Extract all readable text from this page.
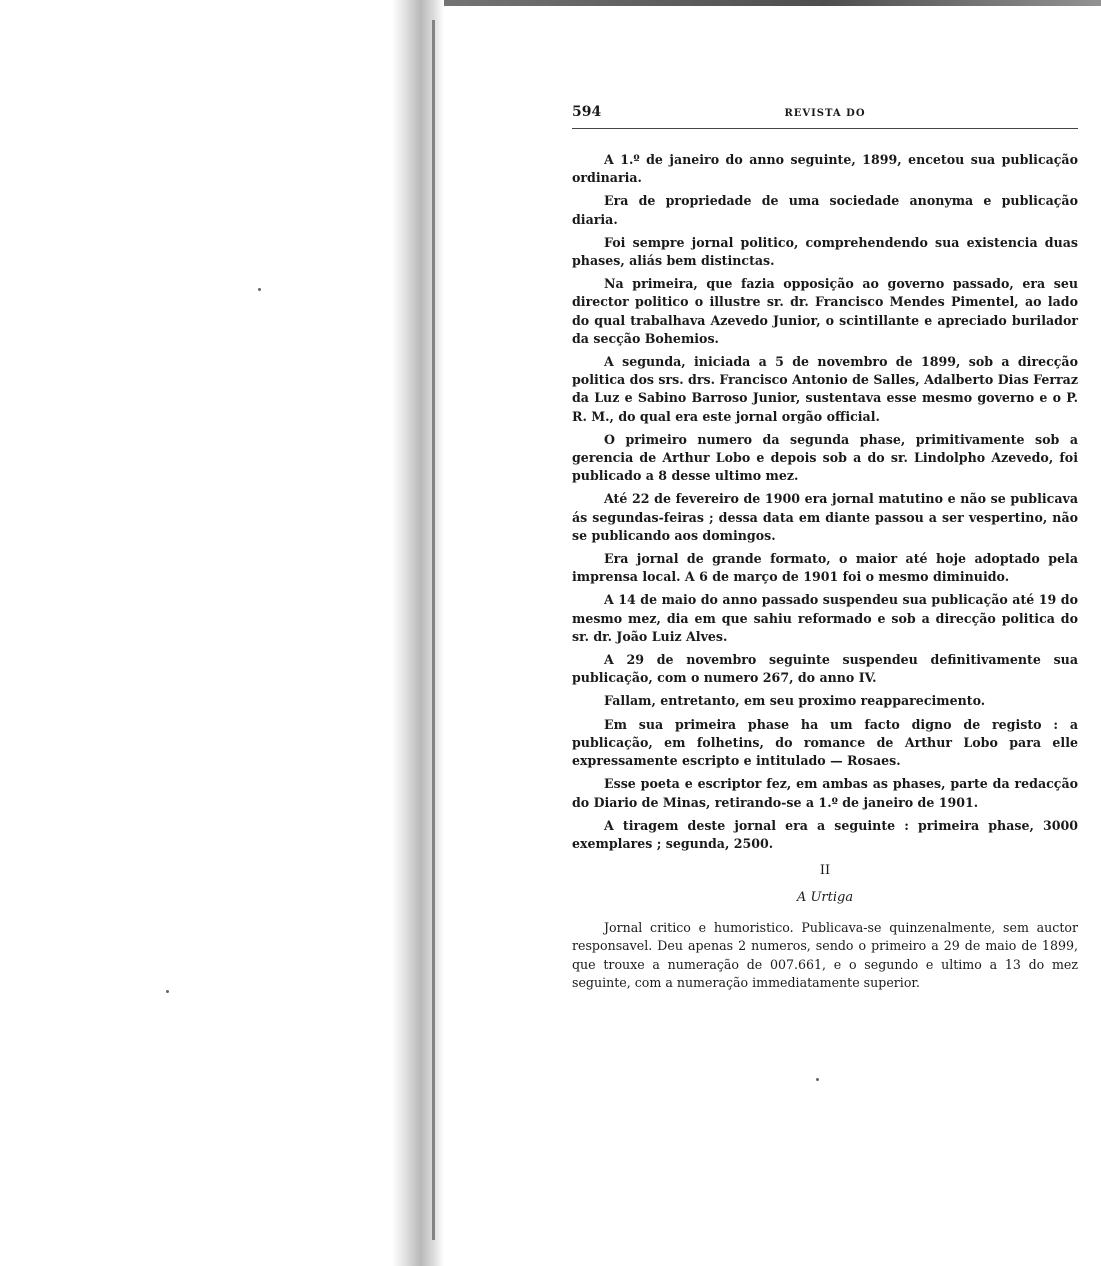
594	REVISTA DO

A 1.º de janeiro do anno seguinte, 1899, encetou sua publicação ordinaria.

Era de propriedade de uma sociedade anonyma e publicação diaria.

Foi sempre jornal politico, comprehendendo sua existencia duas phases, aliás bem distinctas.

Na primeira, que fazia opposição ao governo passado, era seu director politico o illustre sr. dr. Francisco Mendes Pimentel, ao lado do qual trabalhava Azevedo Junior, o scintillante e apreciado burilador da secção Bohemios.

A segunda, iniciada a 5 de novembro de 1899, sob a direcção politica dos srs. drs. Francisco Antonio de Salles, Adalberto Dias Ferraz da Luz e Sabino Barroso Junior, sustentava esse mesmo governo e o P. R. M., do qual era este jornal orgão official.

O primeiro numero da segunda phase, primitivamente sob a gerencia de Arthur Lobo e depois sob a do sr. Lindolpho Azevedo, foi publicado a 8 desse ultimo mez.

Até 22 de fevereiro de 1900 era jornal matutino e não se publicava ás segundas-feiras ; dessa data em diante passou a ser vespertino, não se publicando aos domingos.

Era jornal de grande formato, o maior até hoje adoptado pela imprensa local. A 6 de março de 1901 foi o mesmo diminuido.

A 14 de maio do anno passado suspendeu sua publicação até 19 do mesmo mez, dia em que sahiu reformado e sob a direcção politica do sr. dr. João Luiz Alves.

A 29 de novembro seguinte suspendeu definitivamente sua publicação, com o numero 267, do anno IV.

Fallam, entretanto, em seu proximo reapparecimento.

Em sua primeira phase ha um facto digno de registo : a publicação, em folhetins, do romance de Arthur Lobo para elle expressamente escripto e intitulado — Rosaes.

Esse poeta e escriptor fez, em ambas as phases, parte da redacção do Diario de Minas, retirando-se a 1.º de janeiro de 1901.

A tiragem deste jornal era a seguinte : primeira phase, 3000 exemplares ; segunda, 2500.

II
A Urtiga

Jornal critico e humoristico. Publicava-se quinzenalmente, sem auctor responsavel. Deu apenas 2 numeros, sendo o primeiro a 29 de maio de 1899, que trouxe a numeração de 007.661, e o segundo e ultimo a 13 do mez seguinte, com a numeração immediatamente superior.
